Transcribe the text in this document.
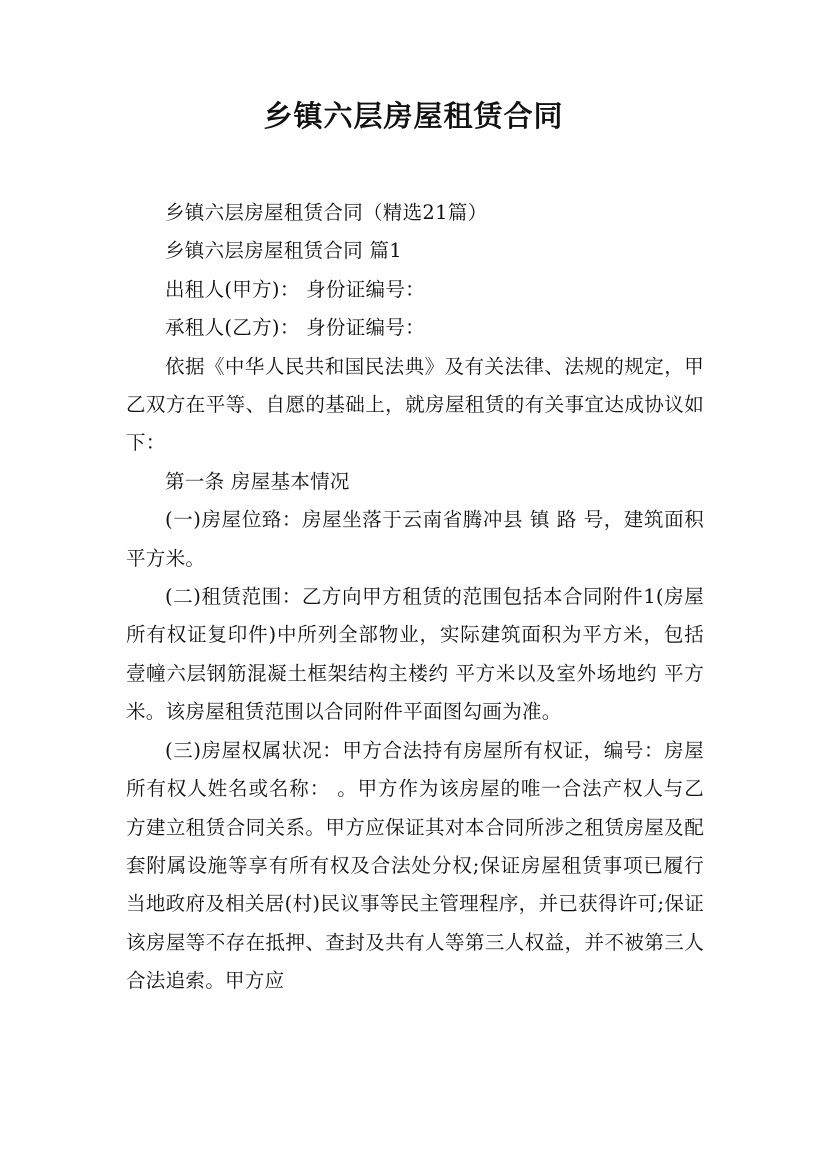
乡镇六层房屋租赁合同

乡镇六层房屋租赁合同（精选21篇）

乡镇六层房屋租赁合同 篇1

出租人(甲方)： 身份证编号：

承租人(乙方)： 身份证编号：

依据《中华人民共和国民法典》及有关法律、法规的规定，甲乙双方在平等、自愿的基础上，就房屋租赁的有关事宜达成协议如下：

第一条 房屋基本情况

(一)房屋位臵：房屋坐落于云南省腾冲县 镇 路 号，建筑面积 平方米。

(二)租赁范围：乙方向甲方租赁的范围包括本合同附件1(房屋所有权证复印件)中所列全部物业，实际建筑面积为平方米，包括壹幢六层钢筋混凝土框架结构主楼约 平方米以及室外场地约 平方米。该房屋租赁范围以合同附件平面图勾画为准。

(三)房屋权属状况：甲方合法持有房屋所有权证，编号：房屋所有权人姓名或名称： 。甲方作为该房屋的唯一合法产权人与乙方建立租赁合同关系。甲方应保证其对本合同所涉之租赁房屋及配套附属设施等享有所有权及合法处分权;保证房屋租赁事项已履行当地政府及相关居(村)民议事等民主管理程序，并已获得许可;保证该房屋等不存在抵押、查封及共有人等第三人权益，并不被第三人合法追索。甲方应
